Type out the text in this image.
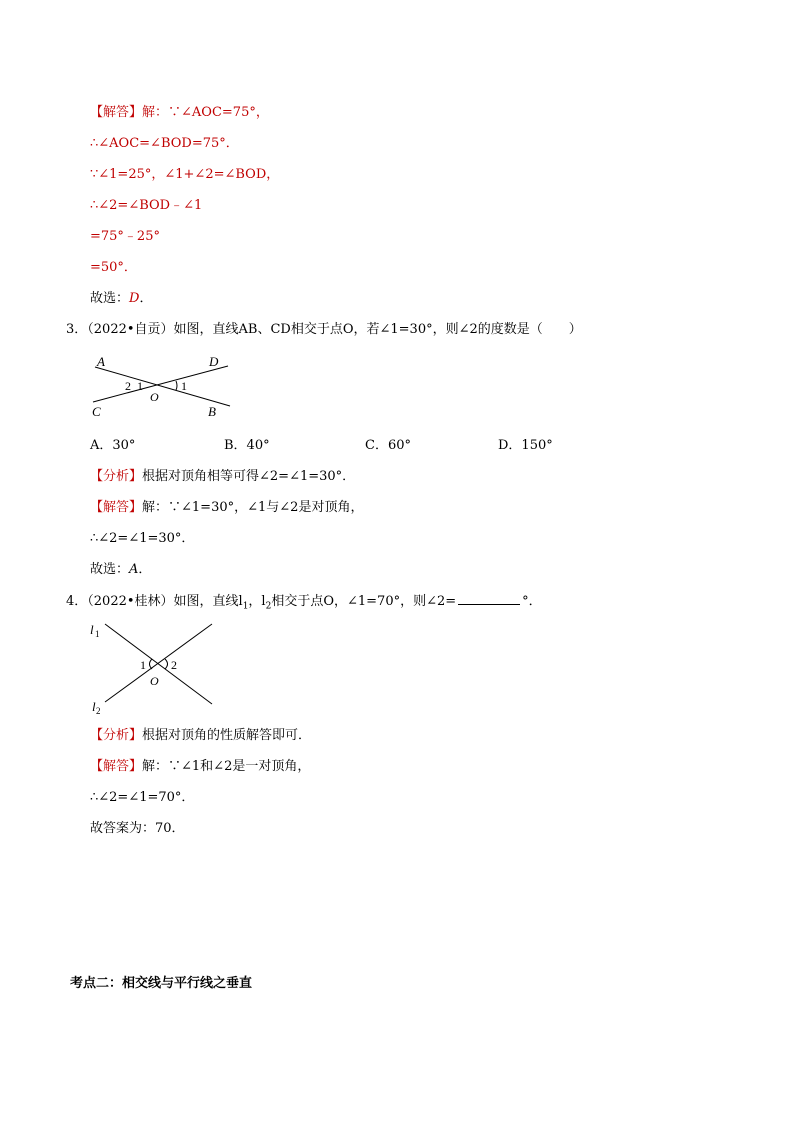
【解答】解：∵∠AOC=75°，
∴∠AOC=∠BOD=75°．
∵∠1=25°，∠1+∠2=∠BOD，
∴∠2=∠BOD﹣∠1
=75°﹣25°
=50°．
故选：D．
3．（2022•自贡）如图，直线AB、CD相交于点O，若∠1=30°，则∠2的度数是（　　）
A	D
C	B
O
2 1	1
A．30°	B．40°	C．60°	D．150°
【分析】根据对顶角相等可得∠2=∠1=30°．
【解答】解：∵∠1=30°，∠1与∠2是对顶角，
∴∠2=∠1=30°．
故选：A．
4．（2022•桂林）如图，直线$l_1$，$l_2$相交于点O，∠1=70°，则∠2=	°．
l 1
l 2
1 2
O
【分析】根据对顶角的性质解答即可．
【解答】解：∵∠1和∠2是一对顶角，
∴∠2=∠1=70°．
故答案为：70．
考点二：相交线与平行线之垂直
